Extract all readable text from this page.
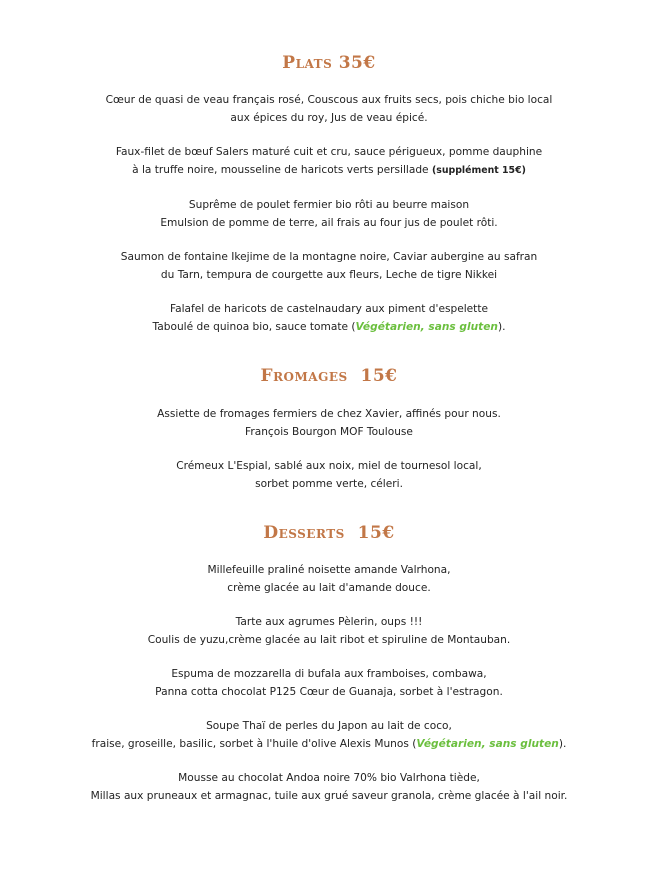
Plats 35€

Cœur de quasi de veau français rosé, Couscous aux fruits secs, pois chiche bio local
aux épices du roy, Jus de veau épicé.

Faux-filet de bœuf Salers maturé cuit et cru, sauce périgueux, pomme dauphine
à la truffe noire, mousseline de haricots verts persillade (supplément 15€)

Suprême de poulet fermier bio rôti au beurre maison
Emulsion de pomme de terre, ail frais au four jus de poulet rôti.

Saumon de fontaine Ikejime de la montagne noire, Caviar aubergine au safran
du Tarn, tempura de courgette aux fleurs, Leche de tigre Nikkei

Falafel de haricots de castelnaudary aux piment d'espelette
Taboulé de quinoa bio, sauce tomate (Végétarien, sans gluten).

Fromages 15€

Assiette de fromages fermiers de chez Xavier, affinés pour nous.
François Bourgon MOF Toulouse

Crémeux L'Espial, sablé aux noix, miel de tournesol local,
sorbet pomme verte, céleri.

Desserts 15€

Millefeuille praliné noisette amande Valrhona,
crème glacée au lait d'amande douce.

Tarte aux agrumes Pèlerin, oups !!!
Coulis de yuzu,crème glacée au lait ribot et spiruline de Montauban.

Espuma de mozzarella di bufala aux framboises, combawa,
Panna cotta chocolat P125 Cœur de Guanaja, sorbet à l'estragon.

Soupe Thaï de perles du Japon au lait de coco,
fraise, groseille, basilic, sorbet à l'huile d'olive Alexis Munos (Végétarien, sans gluten).

Mousse au chocolat Andoa noire 70% bio Valrhona tiède,
Millas aux pruneaux et armagnac, tuile aux grué saveur granola, crème glacée à l'ail noir.
